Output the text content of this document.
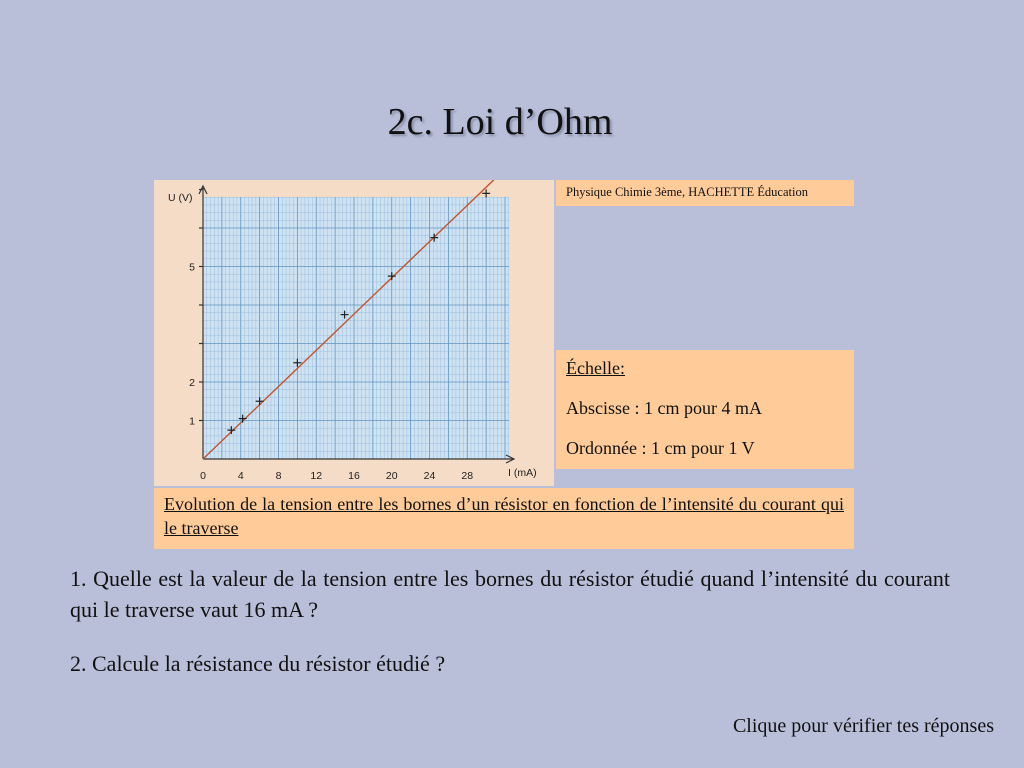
2c. Loi d’Ohm
U (V)
I (mA)
0	4	8	12 16 20 24 28
1
2
5
Physique Chimie 3ème, HACHETTE Éducation
Échelle:
Abscisse : 1 cm pour 4 mA
Ordonnée : 1 cm pour 1 V
Evolution de la tension entre les bornes d’un résistor en fonction de l’intensité du courant qui le traverse
1. Quelle est la valeur de la tension entre les bornes du résistor étudié quand l’intensité du courant qui le traverse vaut 16 mA ?
2. Calcule la résistance du résistor étudié ?
Clique pour vérifier tes réponses
